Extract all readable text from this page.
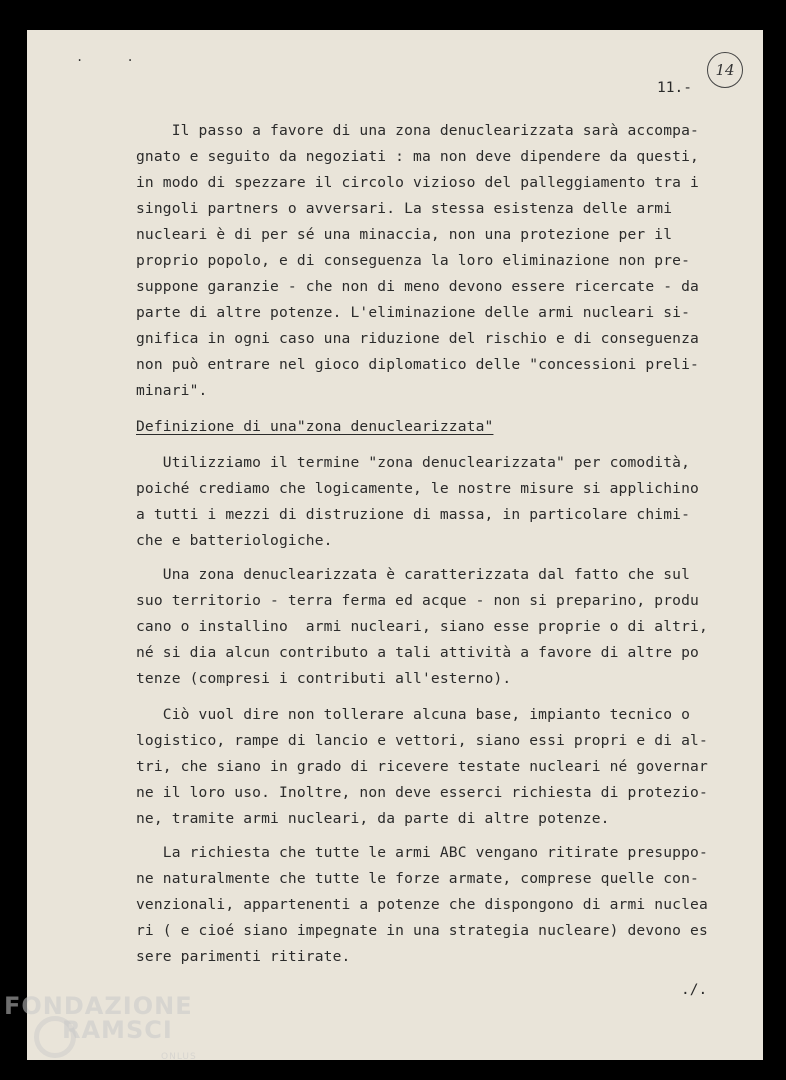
. .
14
11.-
Il passo a favore di una zona denuclearizzata sarà accompa-
gnato e seguito da negoziati : ma non deve dipendere da questi,
in modo di spezzare il circolo vizioso del palleggiamento tra i
singoli partners o avversari. La stessa esistenza delle armi
nucleari è di per sé una minaccia, non una protezione per il
proprio popolo, e di conseguenza la loro eliminazione non pre-
suppone garanzie - che non di meno devono essere ricercate - da
parte di altre potenze. L'eliminazione delle armi nucleari si-
gnifica in ogni caso una riduzione del rischio e di conseguenza
non può entrare nel gioco diplomatico delle "concessioni preli-
minari".
Definizione di una"zona denuclearizzata"
Utilizziamo il termine "zona denuclearizzata" per comodità,
poiché crediamo che logicamente, le nostre misure si applichino
a tutti i mezzi di distruzione di massa, in particolare chimi-
che e batteriologiche.
Una zona denuclearizzata è caratterizzata dal fatto che sul
suo territorio - terra ferma ed acque - non si preparino, produ
cano o installino  armi nucleari, siano esse proprie o di altri,
né si dia alcun contributo a tali attività a favore di altre po
tenze (compresi i contributi all'esterno).
Ciò vuol dire non tollerare alcuna base, impianto tecnico o
logistico, rampe di lancio e vettori, siano essi propri e di al-
tri, che siano in grado di ricevere testate nucleari né governar
ne il loro uso. Inoltre, non deve esserci richiesta di protezio-
ne, tramite armi nucleari, da parte di altre potenze.
La richiesta che tutte le armi ABC vengano ritirate presuppo-
ne naturalmente che tutte le forze armate, comprese quelle con-
venzionali, appartenenti a potenze che dispongono di armi nuclea
ri ( e cioé siano impegnate in una strategia nucleare) devono es
sere parimenti ritirate.
./.
FONDAZIONE
RAMSCI
ONLUS
